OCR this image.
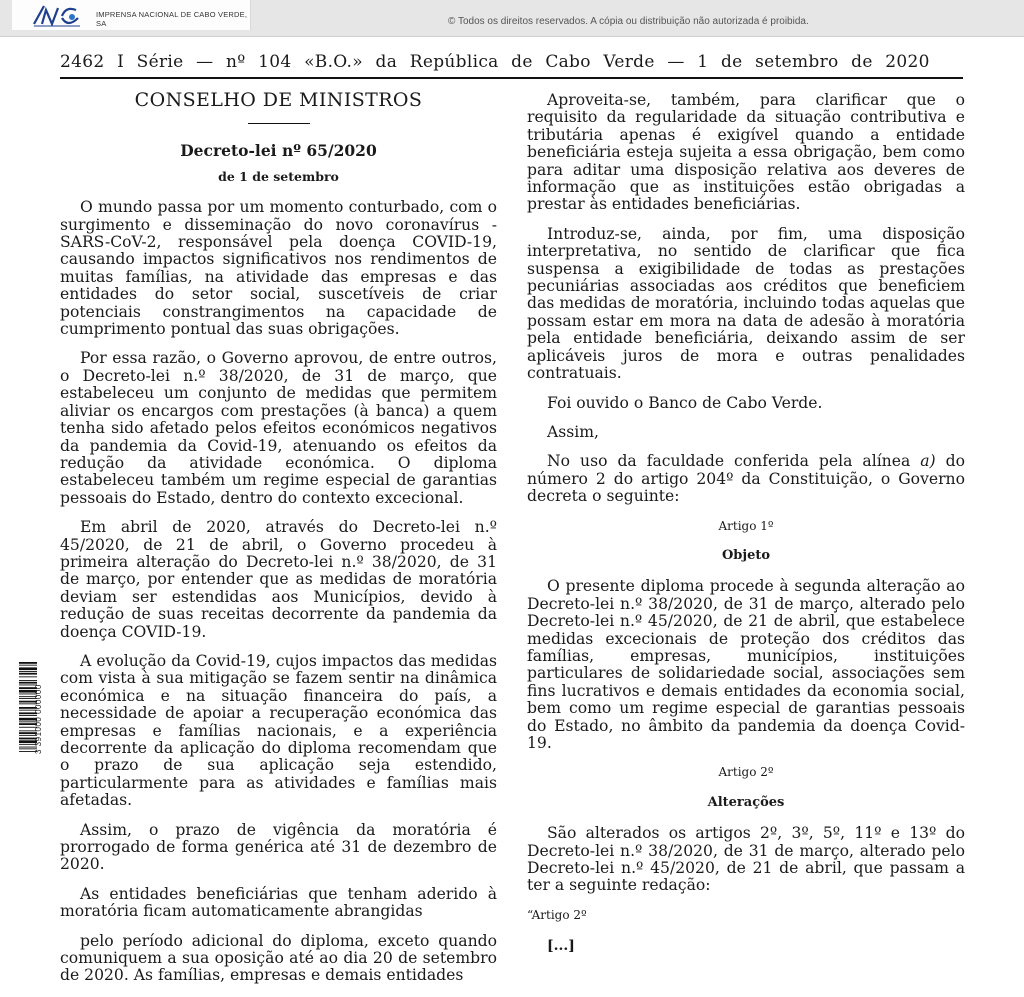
IMPRENSA NACIONAL DE CABO VERDE, SA	© Todos os direitos reservados. A cópia ou distribuição não autorizada é proibida.
2462 I Série — nº 104 «B.O.» da República de Cabo Verde — 1 de setembro de 2020
CONSELHO DE MINISTROS
Decreto-lei nº 65/2020
de 1 de setembro

O mundo passa por um momento conturbado, com o surgimento e disseminação do novo coronavírus - SARS-CoV-2, responsável pela doença COVID-19, causando impactos significativos nos rendimentos de muitas famílias, na atividade das empresas e das entidades do setor social, suscetíveis de criar potenciais constrangimentos na capacidade de cumprimento pontual das suas obrigações.

Por essa razão, o Governo aprovou, de entre outros, o Decreto-lei n.º 38/2020, de 31 de março, que estabeleceu um conjunto de medidas que permitem aliviar os encargos com prestações (à banca) a quem tenha sido afetado pelos efeitos económicos negativos da pandemia da Covid-19, atenuando os efeitos da redução da atividade económica. O diploma estabeleceu também um regime especial de garantias pessoais do Estado, dentro do contexto excecional.

Em abril de 2020, através do Decreto-lei n.º 45/2020, de 21 de abril, o Governo procedeu à primeira alteração do Decreto-lei n.º 38/2020, de 31 de março, por entender que as medidas de moratória deviam ser estendidas aos Municípios, devido à redução de suas receitas decorrente da pandemia da doença COVID-19.

A evolução da Covid-19, cujos impactos das medidas com vista à sua mitigação se fazem sentir na dinâmica económica e na situação financeira do país, a necessidade de apoiar a recuperação económica das empresas e famílias nacionais, e a experiência decorrente da aplicação do diploma recomendam que o prazo de sua aplicação seja estendido, particularmente para as atividades e famílias mais afetadas.

Assim, o prazo de vigência da moratória é prorrogado de forma genérica até 31 de dezembro de 2020.

As entidades beneficiárias que tenham aderido à moratória ficam automaticamente abrangidas

pelo período adicional do diploma, exceto quando comuniquem a sua oposição até ao dia 20 de setembro de 2020. As famílias, empresas e demais entidades

Aproveita-se, também, para clarificar que o requisito da regularidade da situação contributiva e tributária apenas é exigível quando a entidade beneficiária esteja sujeita a essa obrigação, bem como para aditar uma disposição relativa aos deveres de informação que as instituições estão obrigadas a prestar às entidades beneficiárias.

Introduz-se, ainda, por fim, uma disposição interpretativa, no sentido de clarificar que fica suspensa a exigibilidade de todas as prestações pecuniárias associadas aos créditos que beneficiem das medidas de moratória, incluindo todas aquelas que possam estar em mora na data de adesão à moratória pela entidade beneficiária, deixando assim de ser aplicáveis juros de mora e outras penalidades contratuais.

Foi ouvido o Banco de Cabo Verde.

Assim,

No uso da faculdade conferida pela alínea a) do número 2 do artigo 204º da Constituição, o Governo decreta o seguinte:

Artigo 1º
Objeto

O presente diploma procede à segunda alteração ao Decreto-lei n.º 38/2020, de 31 de março, alterado pelo Decreto-lei n.º 45/2020, de 21 de abril, que estabelece medidas excecionais de proteção dos créditos das famílias, empresas, municípios, instituições particulares de solidariedade social, associações sem fins lucrativos e demais entidades da economia social, bem como um regime especial de garantias pessoais do Estado, no âmbito da pandemia da doença Covid-19.

Artigo 2º
Alterações

São alterados os artigos 2º, 3º, 5º, 11º e 13º do Decreto-lei n.º 38/2020, de 31 de março, alterado pelo Decreto-lei n.º 45/2020, de 21 de abril, que passam a ter a seguinte redação:

“Artigo 2º

[...]

3 391000 000000
